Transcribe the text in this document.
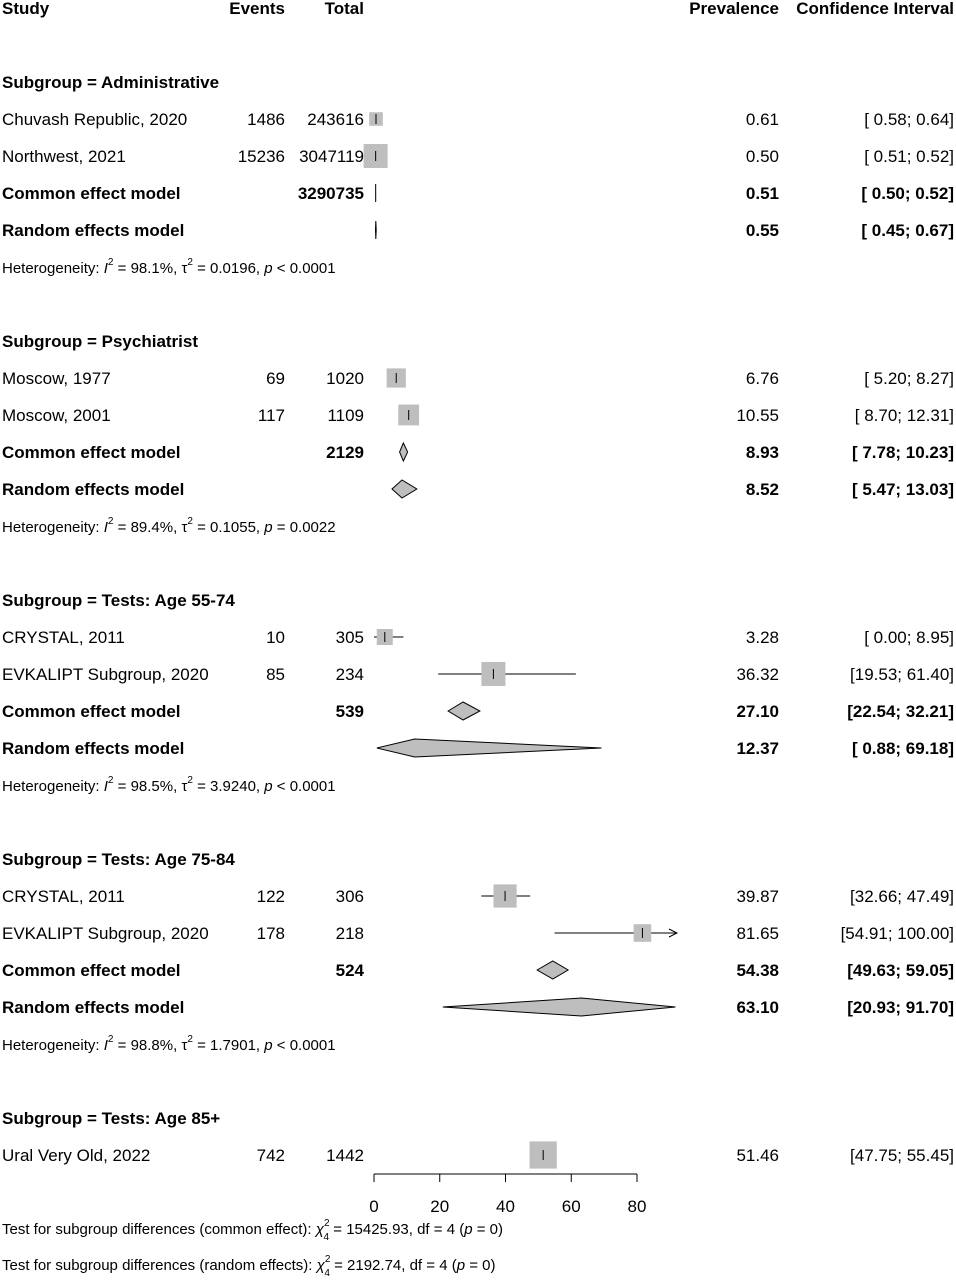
Study	Events Total	Prevalence Confidence Interval
Subgroup = Administrative
Chuvash Republic, 2020	1486 243616	0.61	[ 0.58; 0.64]
Northwest, 2021	15236 3047119	0.50	[ 0.51; 0.52]
Common effect model	3290735	0.51	[ 0.50; 0.52]
Random effects model	0.55	[ 0.45; 0.67]
Heterogeneity: $I^2 = 98.1\%$, $\tau^2 = 0.0196$, p < 0.0001
Subgroup = Psychiatrist
Moscow, 1977	69 1020	6.76	[ 5.20; 8.27]
Moscow, 2001	117 1109	10.55	[ 8.70; 12.31]
Common effect model	2129	8.93	[ 7.78; 10.23]
Random effects model	8.52	[ 5.47; 13.03]
Heterogeneity: $I^2 = 89.4\%$, $\tau^2 = 0.1055$, p = 0.0022
Subgroup = Tests: Age 55-74
CRYSTAL, 2011	10	305	3.28	[ 0.00; 8.95]
EVKALIPT Subgroup, 2020	85	234	36.32	[19.53; 61.40]
Common effect model	539	27.10	[22.54; 32.21]
Random effects model	12.37	[ 0.88; 69.18]
Heterogeneity: $I^2 = 98.5\%$, $\tau^2 = 3.9240$, p < 0.0001
Subgroup = Tests: Age 75-84
CRYSTAL, 2011	122	306	39.87	[32.66; 47.49]
EVKALIPT Subgroup, 2020	178	218	81.65	[54.91; 100.00]
Common effect model	524	54.38	[49.63; 59.05]
Random effects model	63.10	[20.93; 91.70]
Heterogeneity: $I^2 = 98.8\%$, $\tau^2 = 1.7901$, p < 0.0001
Subgroup = Tests: Age 85+
Ural Very Old, 2022	742 1442	51.46	[47.75; 55.45]
0	20	40	60	80
Test for subgroup differences (common effect): $\chi^2$ 4 = 15425.93, df = 4 (p = 0)
Test for subgroup differences (random effects): $\chi^2$ 4 = 2192.74, df = 4 (p = 0)
